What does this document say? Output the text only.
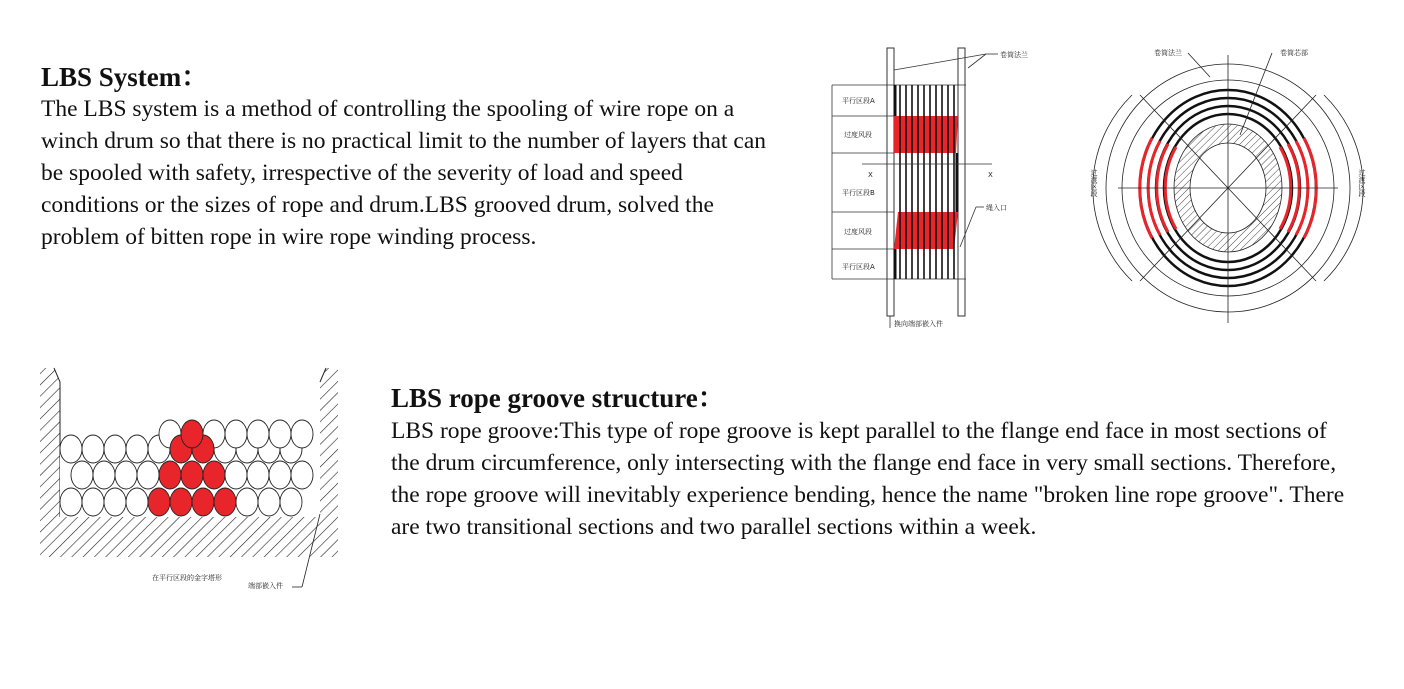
LBS System：

The LBS system is a method of controlling the spooling of wire rope on a winch drum so that there is no practical limit to the number of layers that can be spooled with safety, irrespective of the severity of load and speed conditions or the sizes of rope and drum.LBS grooved drum, solved the problem of bitten rope in wire rope winding process.

X	X
卷筒法兰
平行区段A
过度风段
平行区段B
过度风段
平行区段A
绳入口
换向端部嵌入件
卷筒法兰	卷筒芯部
过渡区段	过渡区段
在平行区段的金字塔形
端部嵌入件
LBS rope groove structure：

LBS rope groove:This type of rope groove is kept parallel to the flange end face in most sections of the drum circumference, only intersecting with the flange end face in very small sections. Therefore, the rope groove will inevitably experience bending, hence the name "broken line rope groove". There are two transitional sections and two parallel sections within a week.
